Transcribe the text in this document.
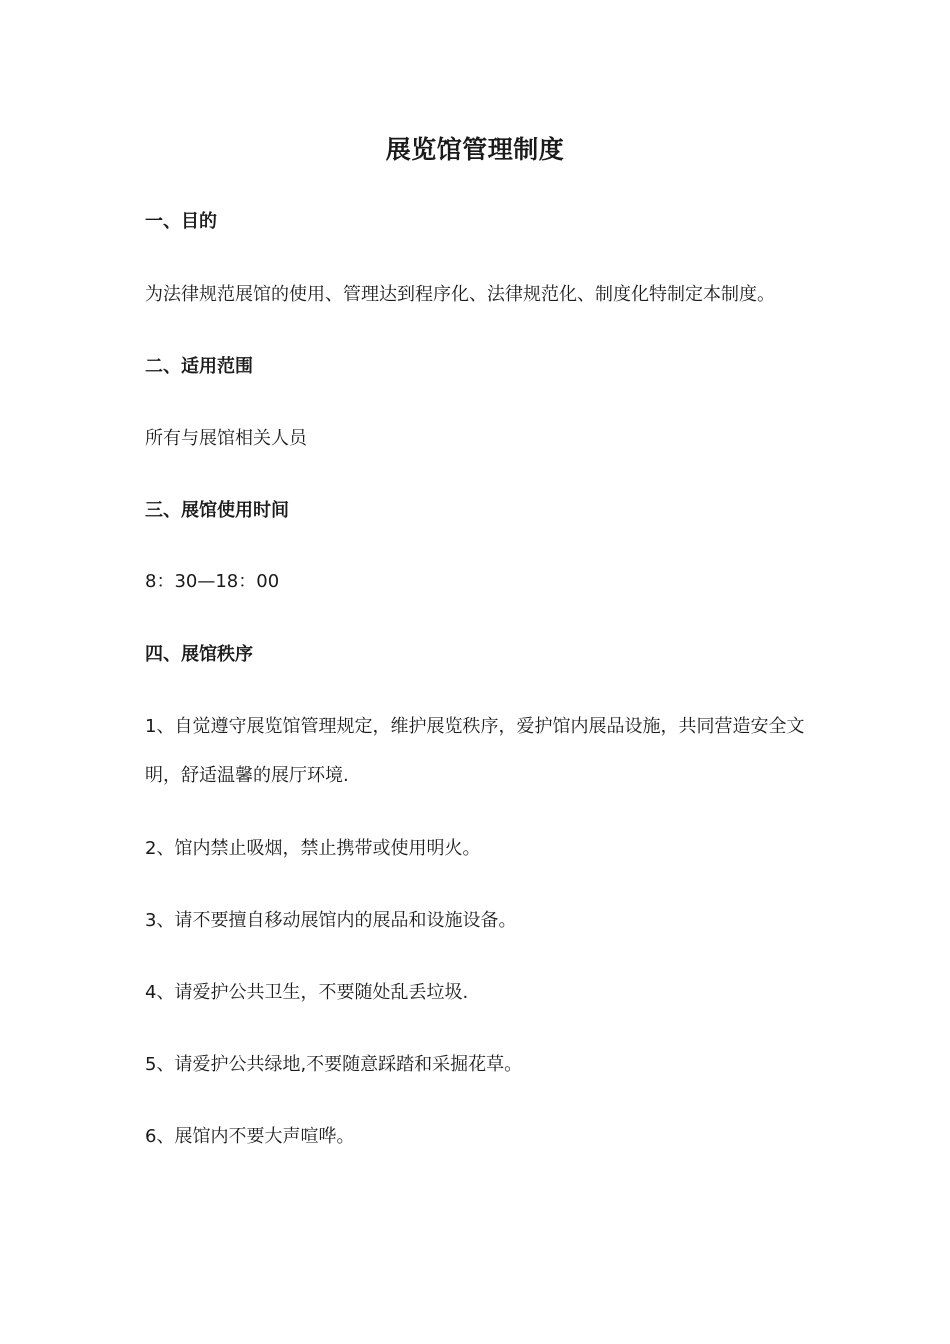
展览馆管理制度
一、目的
为法律规范展馆的使用、管理达到程序化、法律规范化、制度化特制定本制度。
二、适用范围
所有与展馆相关人员
三、展馆使用时间
8：30—18：00
四、展馆秩序
1、自觉遵守展览馆管理规定，维护展览秩序，爱护馆内展品设施，共同营造安全文明，舒适温馨的展厅环境.
2、馆内禁止吸烟，禁止携带或使用明火。
3、请不要擅自移动展馆内的展品和设施设备。
4、请爱护公共卫生，不要随处乱丢垃圾.
5、请爱护公共绿地,不要随意踩踏和采掘花草。
6、展馆内不要大声喧哗。
